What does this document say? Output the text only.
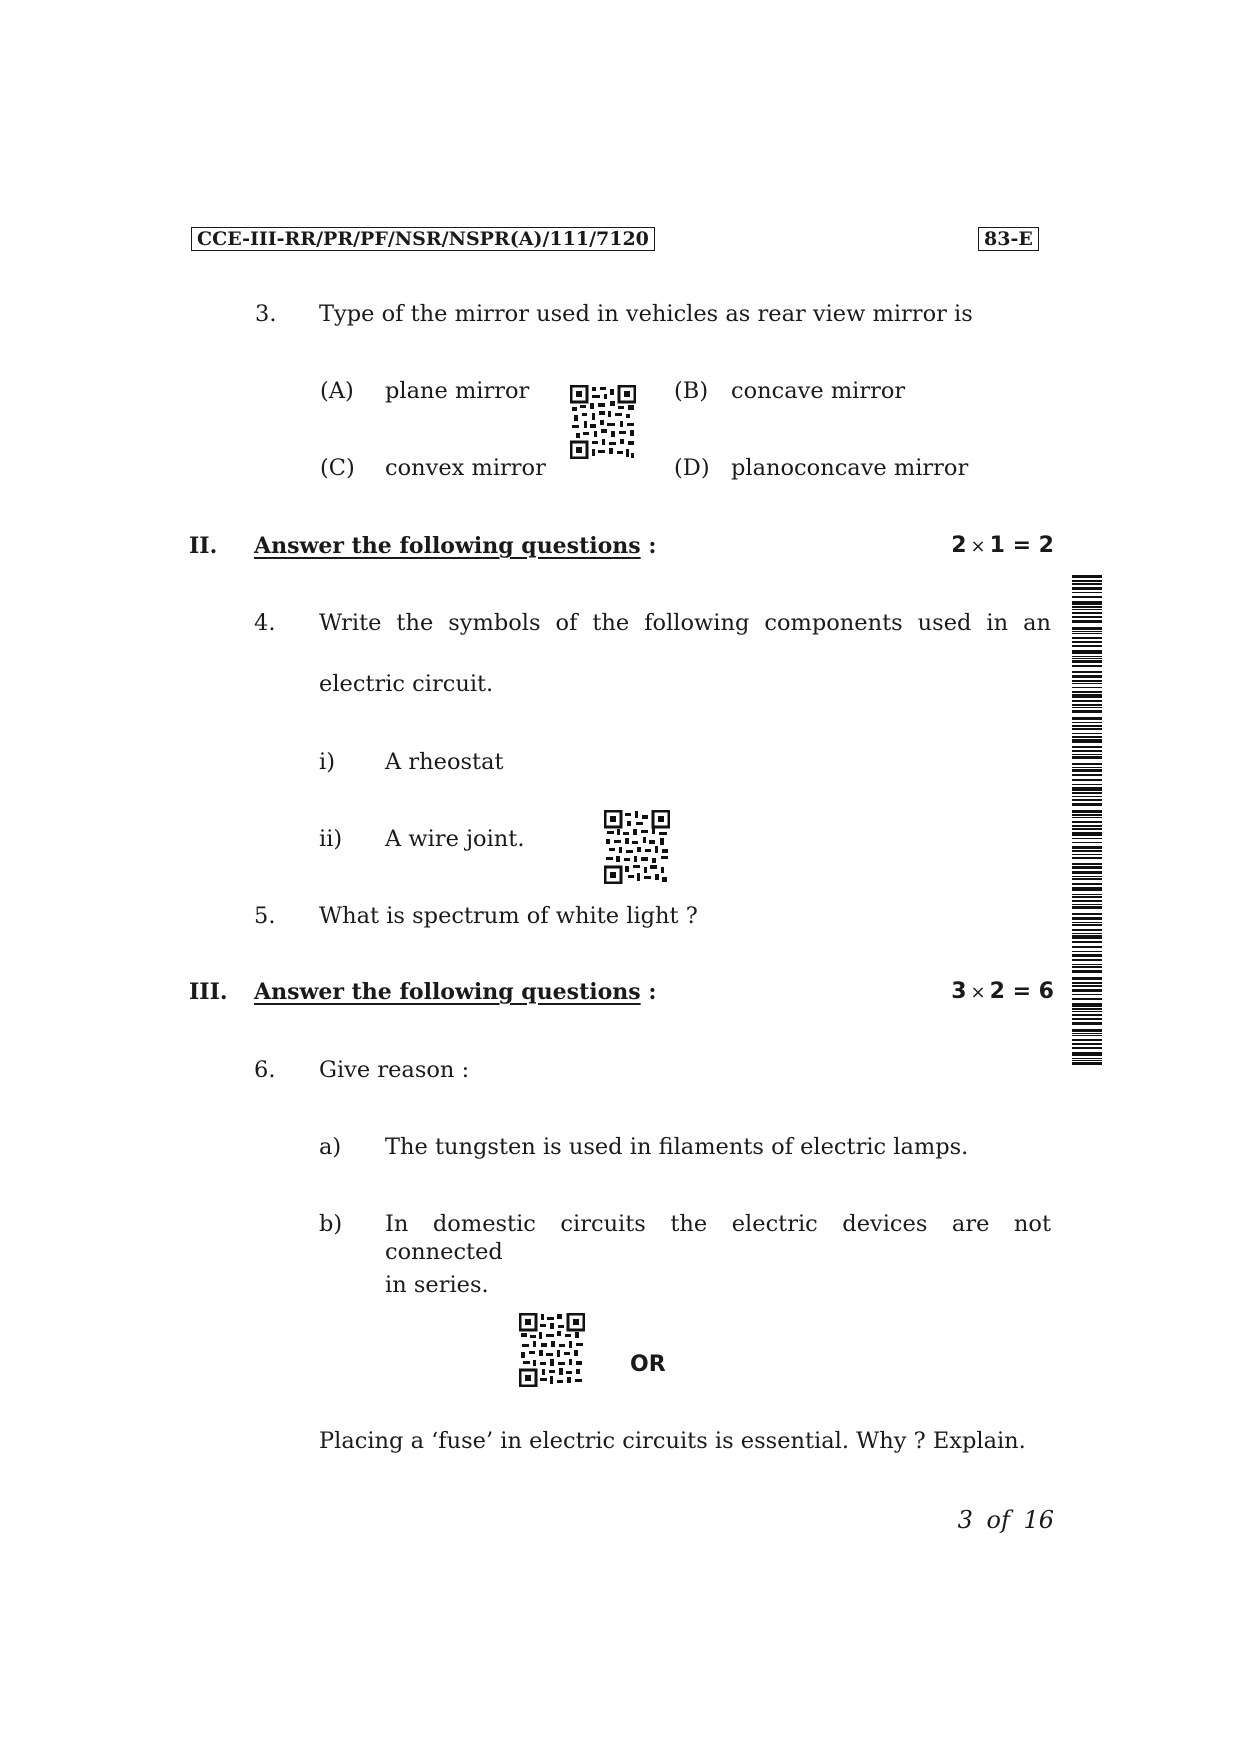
CCE-III-RR/PR/PF/NSR/NSPR(A)/111/7120	83-E
3. Type of the mirror used in vehicles as rear view mirror is
(A) plane mirror	(B) concave mirror
(C) convex mirror	(D) planoconcave mirror
II. Answer the following questions :	2 × 1 = 2
4. Write the symbols of the following components used in an
electric circuit.
i) A rheostat
ii) A wire joint.
5. What is spectrum of white light ?
III. Answer the following questions :	3 × 2 = 6
6. Give reason :
a) The tungsten is used in filaments of electric lamps.
b) In domestic circuits the electric devices are not connected
in series.
OR
Placing a ‘fuse’ in electric circuits is essential. Why ? Explain.
3 of 16
